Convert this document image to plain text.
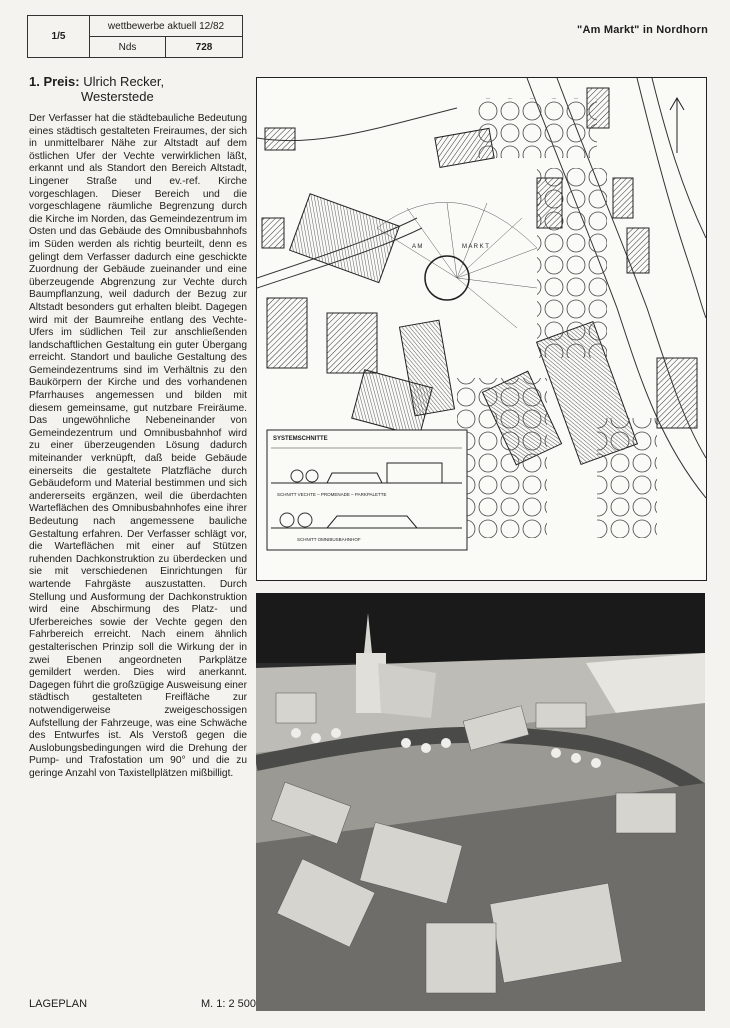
1/5
wettbewerbe aktuell 12/82
Nds	728
"Am Markt" in Nordhorn
1. Preis: Ulrich Recker,
Westerstede
Der Verfasser hat die städtebauliche Bedeutung eines städtisch gestalteten Freiraumes, der sich in unmittelbarer Nähe zur Altstadt auf dem östlichen Ufer der Vechte verwirklichen läßt, erkannt und als Standort den Bereich Altstadt, Lingener Straße und ev.-ref. Kirche vorgeschlagen. Dieser Bereich und die vorgeschlagene räumliche Begrenzung durch die Kirche im Norden, das Gemeindezentrum im Osten und das Gebäude des Omnibusbahnhofs im Süden werden als richtig beurteilt, denn es gelingt dem Verfasser dadurch eine geschickte Zuordnung der Gebäude zueinander und eine überzeugende Abgrenzung zur Vechte durch Baumpflanzung, weil dadurch der Bezug zur Altstadt besonders gut erhalten bleibt. Dagegen wird mit der Baumreihe entlang des Vechte-Ufers im südlichen Teil zur anschließenden landschaftlichen Gestaltung ein guter Übergang erreicht. Standort und bauliche Gestaltung des Gemeindezentrums sind im Verhältnis zu den Baukörpern der Kirche und des vorhandenen Pfarrhauses angemessen und bilden mit diesem gemeinsame, gut nutzbare Freiräume. Das ungewöhnliche Nebeneinander von Gemeindezentrum und Omnibusbahnhof wird zu einer überzeugenden Lösung dadurch miteinander verknüpft, daß beide Gebäude einerseits die gestaltete Platzfläche durch Gebäudeform und Material bestimmen und sich andererseits ergänzen, weil die überdachten Warteflächen des Omnibusbahnhofes eine ihrer Bedeutung nach angemessene bauliche Gestaltung erfahren. Der Verfasser schlägt vor, die Warteflächen mit einer auf Stützen ruhenden Dachkonstruktion zu überdecken und sie mit verschiedenen Einrichtungen für wartende Fahrgäste auszustatten. Durch Stellung und Ausformung der Dachkonstruktion wird eine Abschirmung des Platz- und Uferbereiches sowie der Vechte gegen den Fahrbereich erreicht. Nach einem ähnlich gestalterischen Prinzip soll die Wirkung der in zwei Ebenen angeordneten Parkplätze gemildert werden. Dies wird anerkannt. Dagegen führt die großzügige Ausweisung einer städtisch gestalteten Freifläche zur notwendigerweise zweigeschossigen Aufstellung der Fahrzeuge, was eine Schwäche des Entwurfes ist. Als Verstoß gegen die Auslobungsbedingungen wird die Drehung der Pump- und Trafostation um 90° und die zu geringe Anzahl von Taxistellplätzen mißbilligt.
A M	M A R K T
SYSTEMSCHNITTE
SCHNITT VECHTE – PROMENADE – PARKPALETTE
SCHNITT OMNIBUSBAHNHOF
LAGEPLAN	M. 1: 2 500
